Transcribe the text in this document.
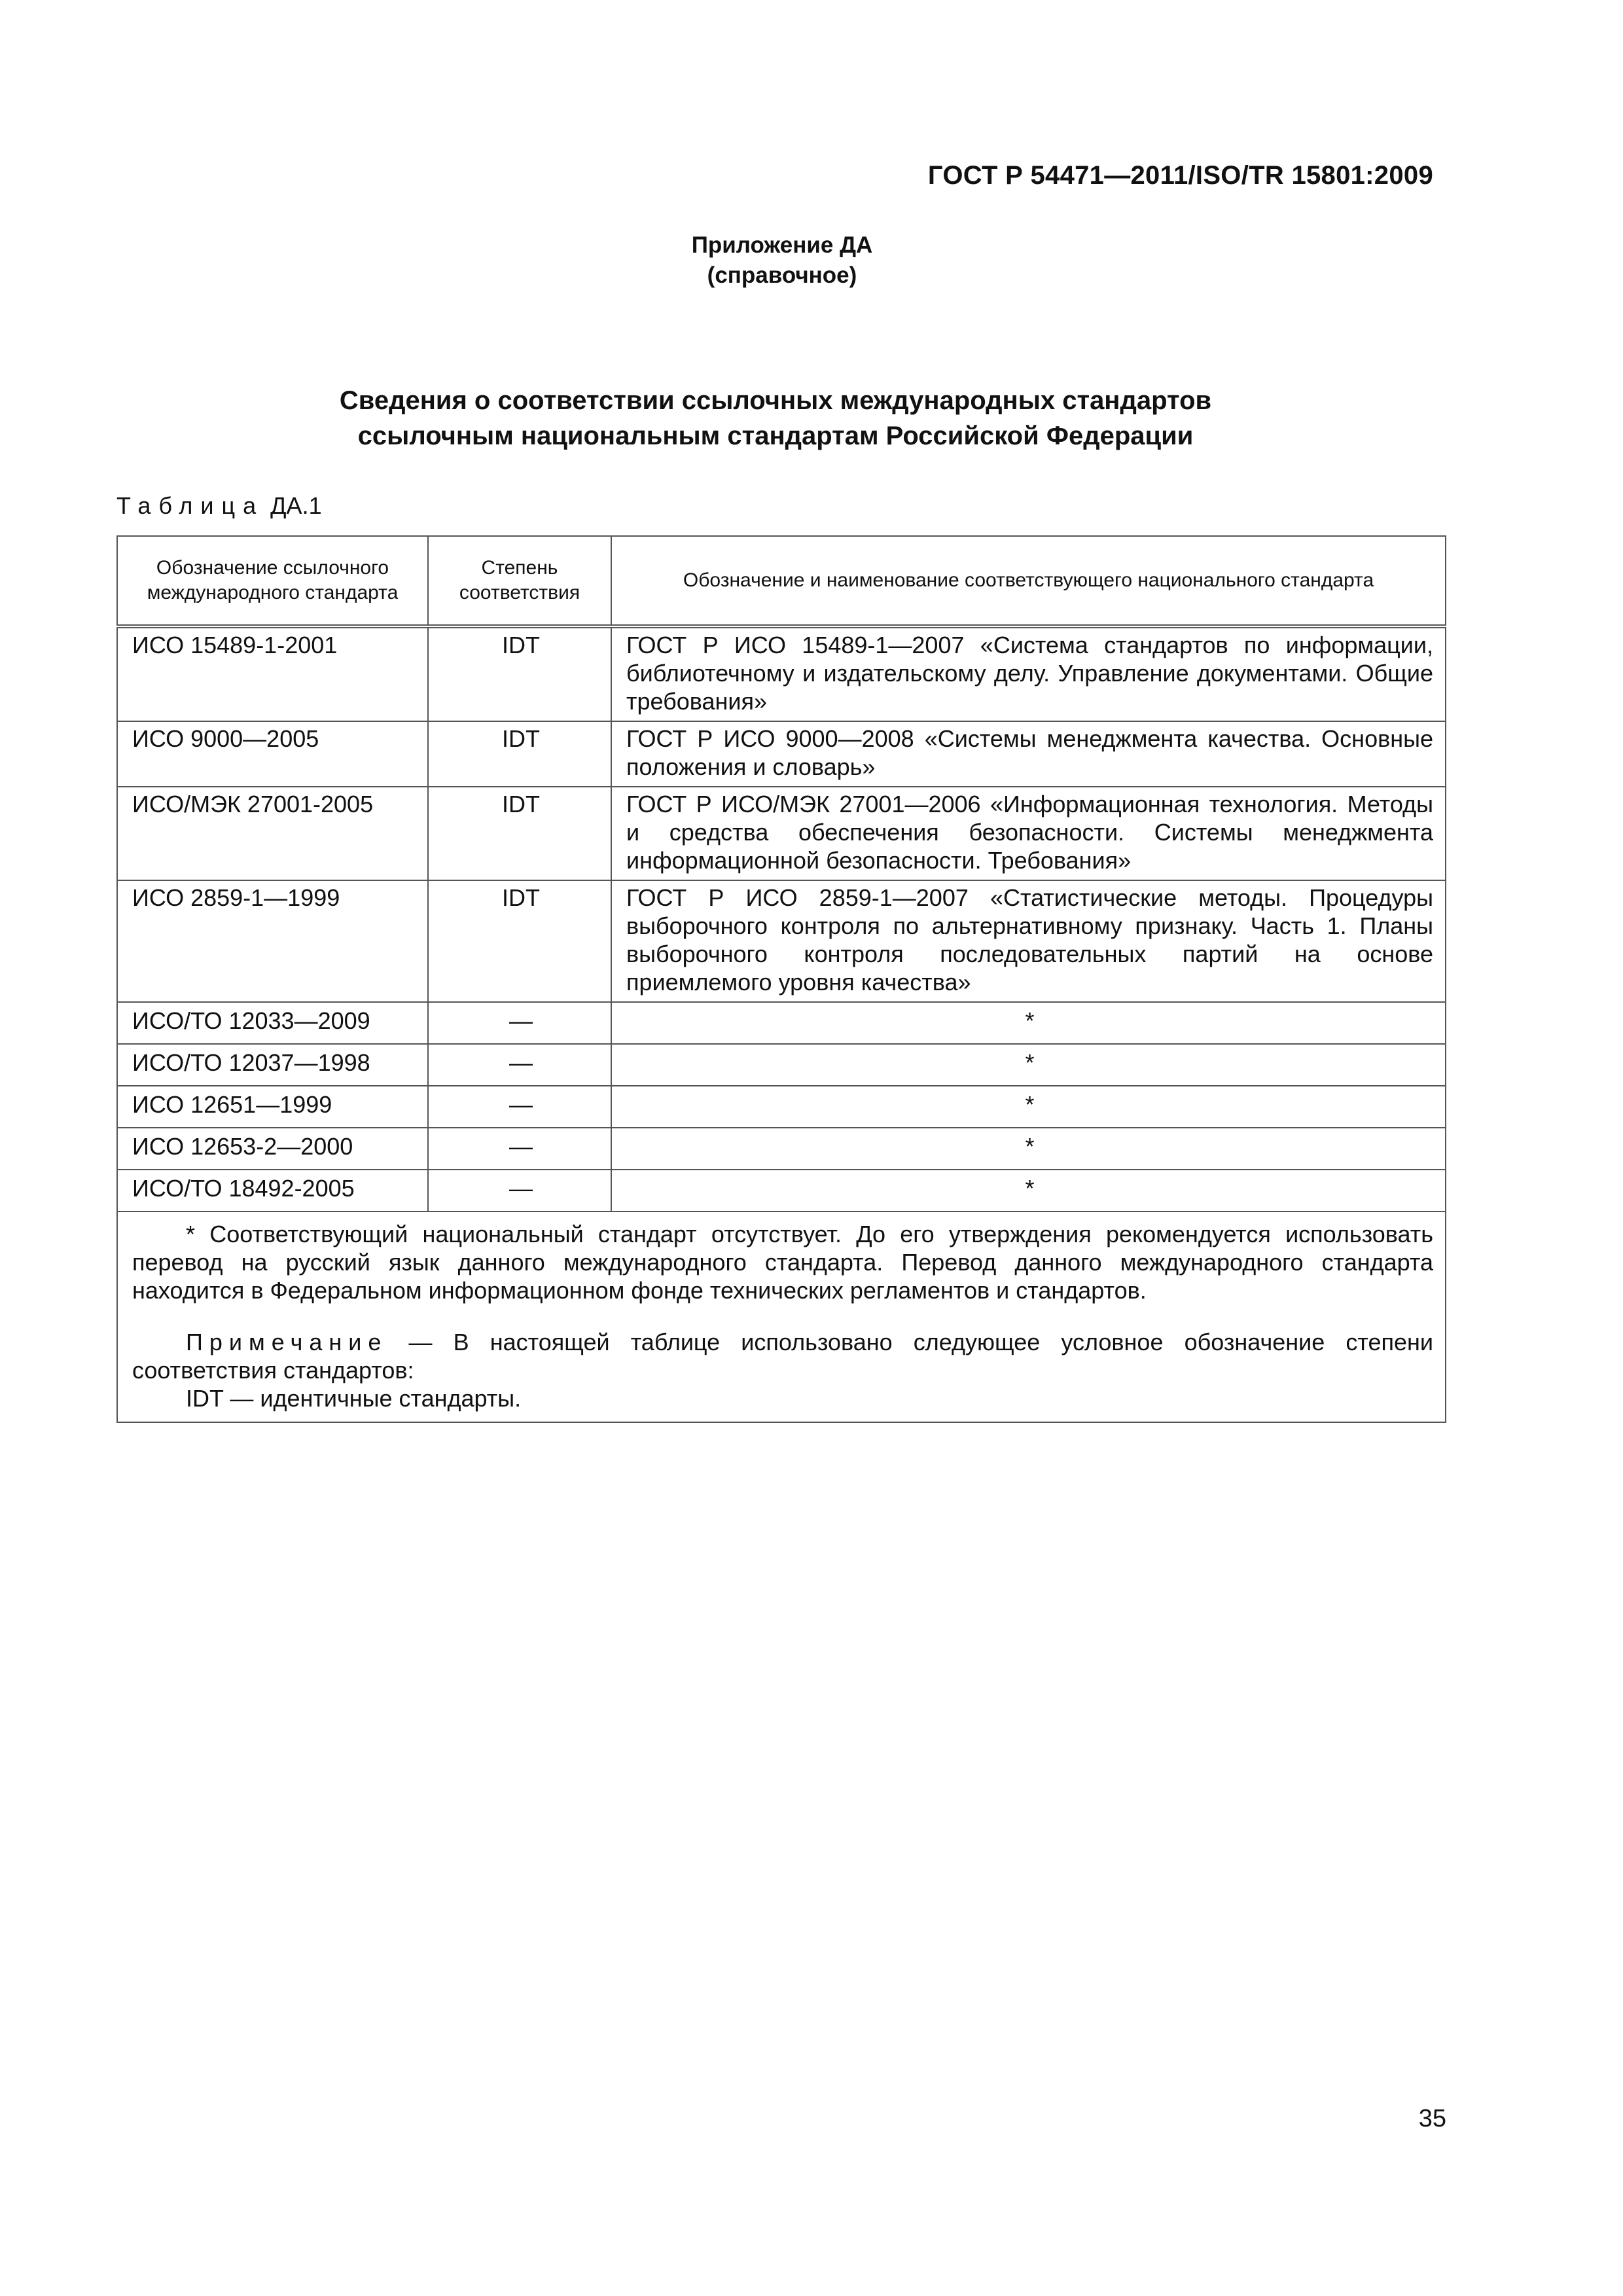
ГОСТ Р 54471—2011/ISO/TR 15801:2009
Приложение ДА
(справочное)
Сведения о соответствии ссылочных международных стандартов
ссылочным национальным стандартам Российской Федерации
Таблица ДА.1
Обозначение ссылочного международного стандарта	Степень соответствия	Обозначение и наименование соответствующего национального стандарта
ИСО 15489-1-2001	IDT	ГОСТ Р ИСО 15489-1—2007 «Система стандартов по информации, библиотечному и издательскому делу. Управление документами. Общие требования»
ИСО 9000—2005	IDT	ГОСТ Р ИСО 9000—2008 «Системы менеджмента качества. Основные положения и словарь»
ИСО/МЭК 27001-2005	IDT	ГОСТ Р ИСО/МЭК 27001—2006 «Информационная технология. Методы и средства обеспечения безопасности. Системы менеджмента информационной безопасности. Требования»
ИСО 2859-1—1999	IDT	ГОСТ Р ИСО 2859-1—2007 «Статистические методы. Процедуры выборочного контроля по альтернативному признаку. Часть 1. Планы выборочного контроля последовательных партий на основе приемлемого уровня качества»
ИСО/ТО 12033—2009	—	*
ИСО/ТО 12037—1998	—	*
ИСО 12651—1999	—	*
ИСО 12653-2—2000	—	*
ИСО/ТО 18492-2005	—	*

* Соответствующий национальный стандарт отсутствует. До его утверждения рекомендуется использовать перевод на русский язык данного международного стандарта. Перевод данного международного стандарта находится в Федеральном информационном фонде технических регламентов и стандартов.

Примечание — В настоящей таблице использовано следующее условное обозначение степени соответствия стандартов:

IDT — идентичные стандарты.		

35
